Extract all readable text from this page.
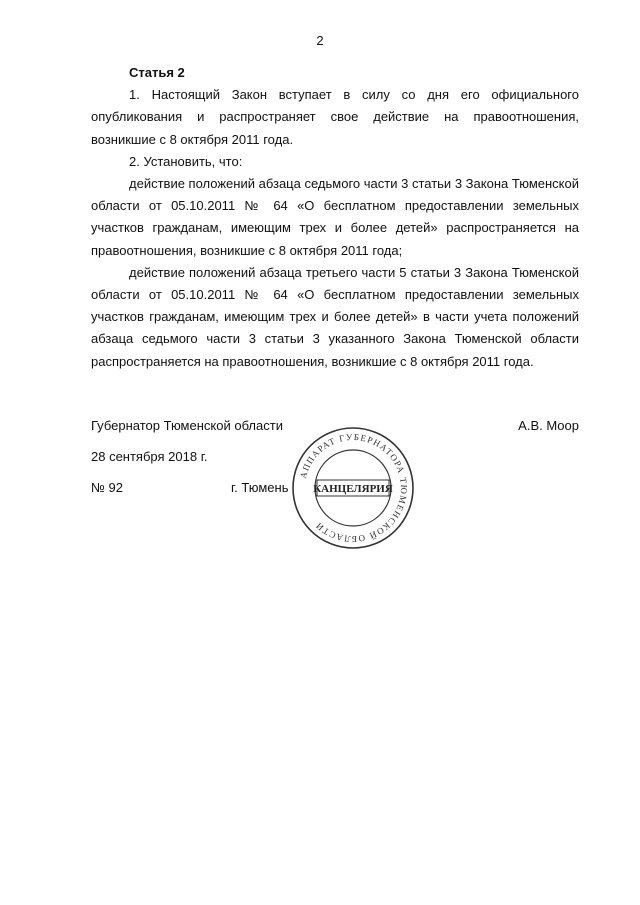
2

Статья 2

1. Настоящий Закон вступает в силу со дня его официального опубликования и распространяет свое действие на правоотношения, возникшие с 8 октября 2011 года.

2. Установить, что:

действие положений абзаца седьмого части 3 статьи 3 Закона Тюменской области от 05.10.2011 № 64 «О бесплатном предоставлении земельных участков гражданам, имеющим трех и более детей» распространяется на правоотношения, возникшие с 8 октября 2011 года;

действие положений абзаца третьего части 5 статьи 3 Закона Тюменской области от 05.10.2011 № 64 «О бесплатном предоставлении земельных участков гражданам, имеющим трех и более детей» в части учета положений абзаца седьмого части 3 статьи 3 указанного Закона Тюменской области распространяется на правоотношения, возникшие с 8 октября 2011 года.

Губернатор Тюменской области	А.В. Моор
28 сентября 2018 г.
№ 92	г. Тюмень
АППАРАТ ГУБЕРНАТОРА ТЮМЕНСКОЙ ОБЛАСТИ
КАНЦЕЛЯРИЯ
